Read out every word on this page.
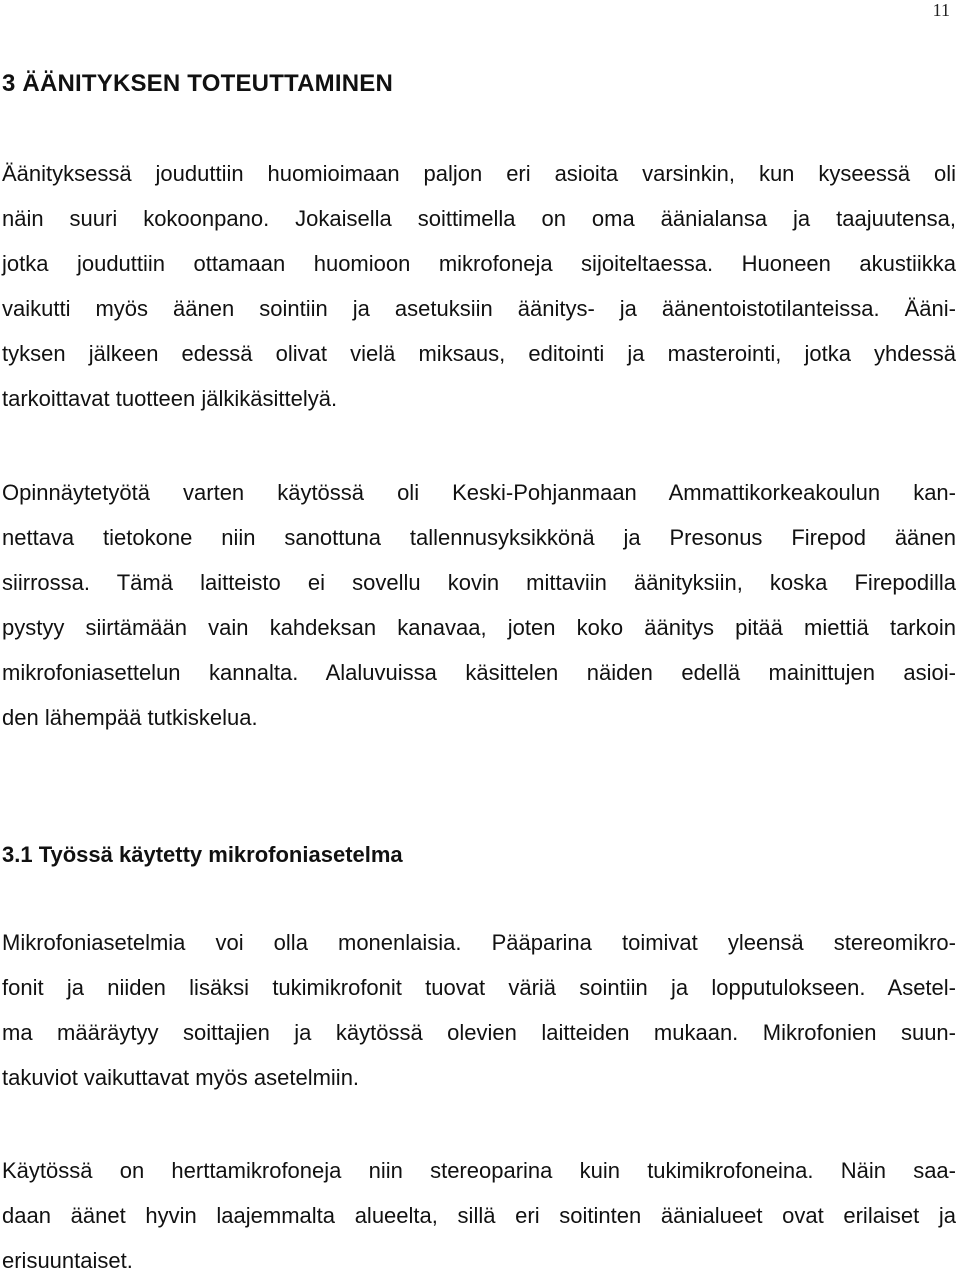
11
3 ÄÄNITYKSEN TOTEUTTAMINEN
Äänityksessä jouduttiin huomioimaan paljon eri asioita varsinkin, kun kyseessä oli
näin suuri kokoonpano. Jokaisella soittimella on oma äänialansa ja taajuutensa,
jotka jouduttiin ottamaan huomioon mikrofoneja sijoiteltaessa. Huoneen akustiikka
vaikutti myös äänen sointiin ja asetuksiin äänitys- ja äänentoistotilanteissa. Ääni-
tyksen jälkeen edessä olivat vielä miksaus, editointi ja masterointi, jotka yhdessä
tarkoittavat tuotteen jälkikäsittelyä.
Opinnäytetyötä varten käytössä oli Keski-Pohjanmaan Ammattikorkeakoulun kan-
nettava tietokone niin sanottuna tallennusyksikkönä ja Presonus Firepod äänen
siirrossa. Tämä laitteisto ei sovellu kovin mittaviin äänityksiin, koska Firepodilla
pystyy siirtämään vain kahdeksan kanavaa, joten koko äänitys pitää miettiä tarkoin
mikrofoniasettelun kannalta. Alaluvuissa käsittelen näiden edellä mainittujen asioi-
den lähempää tutkiskelua.
3.1 Työssä käytetty mikrofoniasetelma
Mikrofoniasetelmia voi olla monenlaisia. Pääparina toimivat yleensä stereomikro-
fonit ja niiden lisäksi tukimikrofonit tuovat väriä sointiin ja lopputulokseen. Asetel-
ma määräytyy soittajien ja käytössä olevien laitteiden mukaan. Mikrofonien suun-
takuviot vaikuttavat myös asetelmiin.
Käytössä on herttamikrofoneja niin stereoparina kuin tukimikrofoneina. Näin saa-
daan äänet hyvin laajemmalta alueelta, sillä eri soitinten äänialueet ovat erilaiset ja
erisuuntaiset.
